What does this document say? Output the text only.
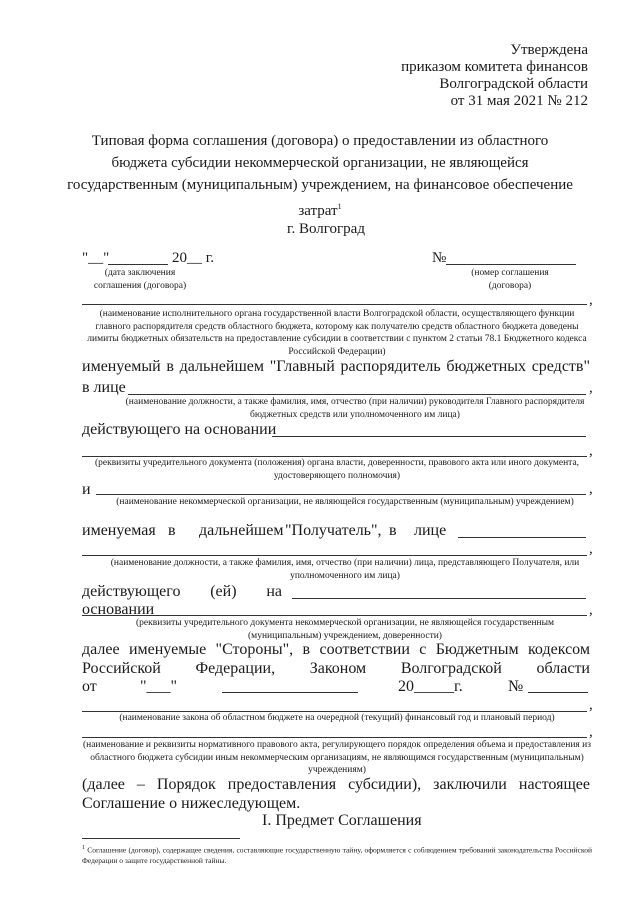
Утверждена
приказом комитета финансов
Волгоградской области
от 31 мая 2021 № 212
Типовая форма соглашения (договора) о предоставлении из областного
бюджета субсидии некоммерческой организации, не являющейся
государственным (муниципальным) учреждением, на финансовое обеспечение
затрат$^1$
г. Волгоград
"__"	20__ г.	№
(дата заключения соглашения (договора)
(номер соглашения (договора)
,
(наименование исполнительного органа государственной власти Волгоградской области, осуществляющего функции главного распорядителя средств областного бюджета, которому как получателю средств областного бюджета доведены лимиты бюджетных обязательств на предоставление субсидии в соответствии с пунктом 2 статьи 78.1 Бюджетного кодекса Российской Федерации)
именуемый в дальнейшем "Главный распорядитель бюджетных средств"
в лице	,
(наименование должности, а также фамилия, имя, отчество (при наличии) руководителя Главного распорядителя бюджетных средств или уполномоченного им лица)
действующего на основании
,
(реквизиты учредительного документа (положения) органа власти, доверенности, правового акта или иного документа, удостоверяющего полномочия)
и	,
(наименование некоммерческой организации, не являющейся государственным (муниципальным) учреждением)
именуемая в дальнейшем "Получатель", в лице
,
(наименование должности, а также фамилия, имя, отчество (при наличии) лица, представляющего Получателя, или уполномоченного им лица)
действующего (ей) на основании	,
(реквизиты учредительного документа некоммерческой организации, не являющейся государственным (муниципальным) учреждением, доверенности)
далее именуемые "Стороны", в соответствии с Бюджетным кодексом
Российской Федерации, Законом Волгоградской области
от	"___"	20_____г.	№
,
(наименование закона об областном бюджете на очередной (текущий) финансовый год и плановый период)
,
(наименование и реквизиты нормативного правового акта, регулирующего порядок определения объема и предоставления из областного бюджета субсидии иным некоммерческим организациям, не являющимся государственным (муниципальным) учреждениям)
(далее – Порядок предоставления субсидии), заключили настоящее
Соглашение о нижеследующем.
I. Предмет Соглашения
$^1$ Соглашение (договор), содержащее сведения, составляющие государственную тайну, оформляется с соблюдением требований законодательства Российской Федерации о защите государственной тайны.
